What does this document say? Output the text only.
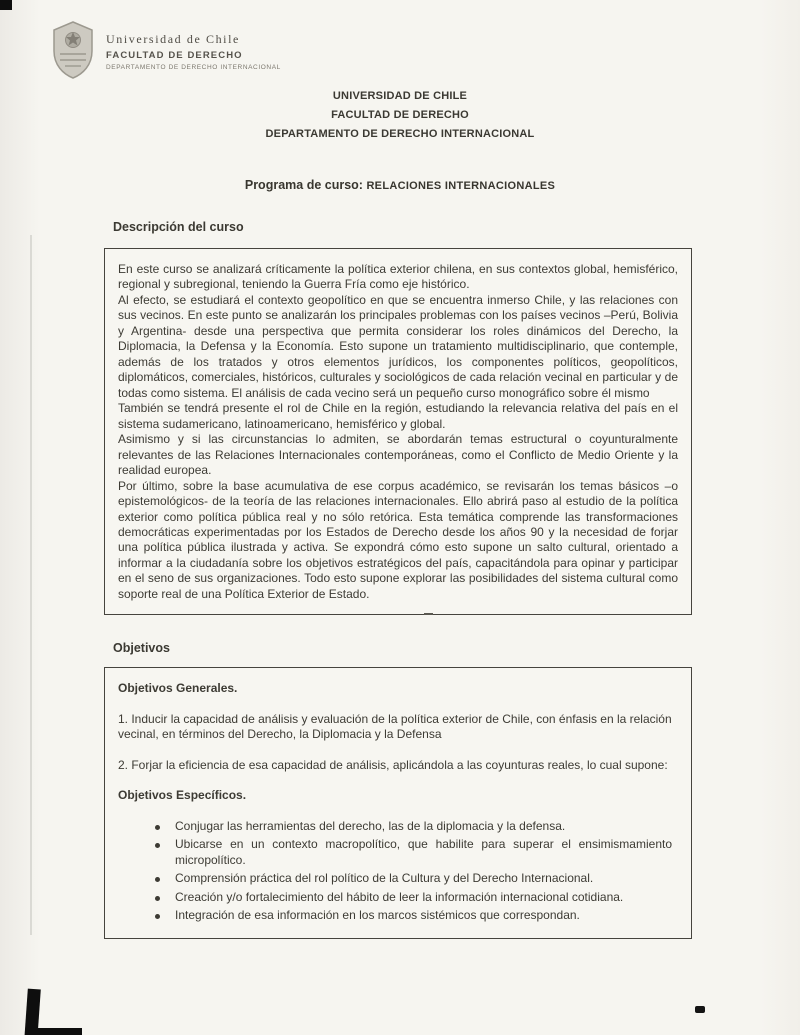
Universidad de Chile
FACULTAD DE DERECHO
DEPARTAMENTO DE DERECHO INTERNACIONAL
UNIVERSIDAD DE CHILE
FACULTAD DE DERECHO
DEPARTAMENTO DE DERECHO INTERNACIONAL
Programa de curso: RELACIONES INTERNACIONALES
Descripción del curso

En este curso se analizará críticamente la política exterior chilena, en sus contextos global, hemisférico, regional y subregional, teniendo la Guerra Fría como eje histórico.

Al efecto, se estudiará el contexto geopolítico en que se encuentra inmerso Chile, y las relaciones con sus vecinos. En este punto se analizarán los principales problemas con los países vecinos –Perú, Bolivia y Argentina- desde una perspectiva que permita considerar los roles dinámicos del Derecho, la Diplomacia, la Defensa y la Economía. Esto supone un tratamiento multidisciplinario, que contemple, además de los tratados y otros elementos jurídicos, los componentes políticos, geopolíticos, diplomáticos, comerciales, históricos, culturales y sociológicos de cada relación vecinal en particular y de todas como sistema. El análisis de cada vecino será un pequeño curso monográfico sobre él mismo

También se tendrá presente el rol de Chile en la región, estudiando la relevancia relativa del país en el sistema sudamericano, latinoamericano, hemisférico y global.

Asimismo y si las circunstancias lo admiten, se abordarán temas estructural o coyunturalmente relevantes de las Relaciones Internacionales contemporáneas, como el Conflicto de Medio Oriente y la realidad europea.

Por último, sobre la base acumulativa de ese corpus académico, se revisarán los temas básicos –o epistemológicos- de la teoría de las relaciones internacionales. Ello abrirá paso al estudio de la política exterior como política pública real y no sólo retórica. Esta temática comprende las transformaciones democráticas experimentadas por los Estados de Derecho desde los años 90 y la necesidad de forjar una política pública ilustrada y activa. Se expondrá cómo esto supone un salto cultural, orientado a informar a la ciudadanía sobre los objetivos estratégicos del país, capacitándola para opinar y participar en el seno de sus organizaciones. Todo esto supone explorar las posibilidades del sistema cultural como soporte real de una Política Exterior de Estado.

Objetivos

Objetivos Generales.

1. Inducir la capacidad de análisis y evaluación de la política exterior de Chile, con énfasis en la relación vecinal, en términos del Derecho, la Diplomacia y la Defensa

2. Forjar la eficiencia de esa capacidad de análisis, aplicándola a las coyunturas reales, lo cual supone:

Objetivos Específicos.

Conjugar las herramientas del derecho, las de la diplomacia y la defensa.
Ubicarse en un contexto macropolítico, que habilite para superar el ensimismamiento micropolítico.
Comprensión práctica del rol político de la Cultura y del Derecho Internacional.
Creación y/o fortalecimiento del hábito de leer la información internacional cotidiana.
Integración de esa información en los marcos sistémicos que correspondan.
